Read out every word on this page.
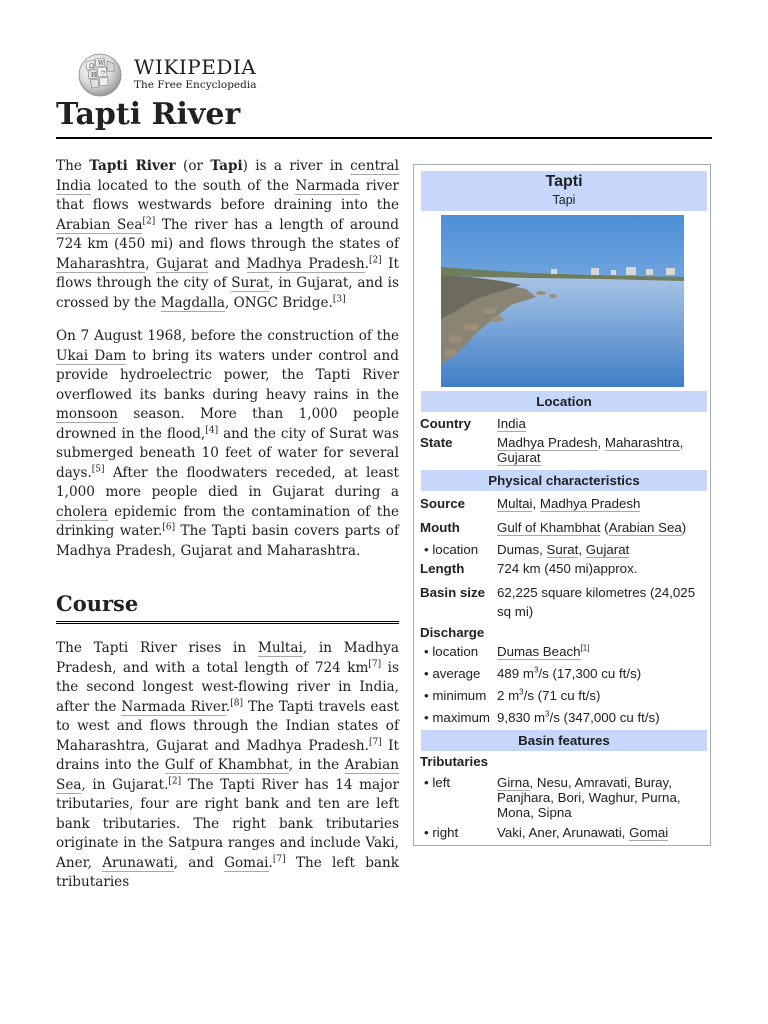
Ω W
И ウ WIKIPEDIA
The Free Encyclopedia
Tapti River

The Tapti River (or Tapi) is a river in central India located to the south of the Narmada river that flows westwards before draining into the Arabian Sea[2] The river has a length of around 724 km (450 mi) and flows through the states of Maharashtra, Gujarat and Madhya Pradesh.[2] It flows through the city of Surat, in Gujarat, and is crossed by the Magdalla, ONGC Bridge.[3]

On 7 August 1968, before the construction of the Ukai Dam to bring its waters under control and provide hydroelectric power, the Tapti River overflowed its banks during heavy rains in the monsoon season. More than 1,000 people drowned in the flood,[4] and the city of Surat was submerged beneath 10 feet of water for several days.[5] After the floodwaters receded, at least 1,000 more people died in Gujarat during a cholera epidemic from the contamination of the drinking water.[6] The Tapti basin covers parts of Madhya Pradesh, Gujarat and Maharashtra.

Course

The Tapti River rises in Multai, in Madhya Pradesh, and with a total length of 724 km[7] is the second longest west-flowing river in India, after the Narmada River.[8] The Tapti travels east to west and flows through the Indian states of Maharashtra, Gujarat and Madhya Pradesh.[7] It drains into the Gulf of Khambhat, in the Arabian Sea, in Gujarat.[2] The Tapti River has 14 major tributaries, four are right bank and ten are left bank tributaries. The right bank tributaries originate in the Satpura ranges and include Vaki, Aner, Arunawati, and Gomai.[7] The left bank tributaries

Tapti
Tapi
Location
Country	India
State	Madhya Pradesh, Maharashtra,
Gujarat
Physical characteristics
Source	Multai, Madhya Pradesh
Mouth	Gulf of Khambhat (Arabian Sea)
• location	Dumas, Surat, Gujarat
Length	724 km (450 mi)approx.
Basin size 62,225 square kilometres (24,025 sq mi)
Discharge
• location	Dumas Beach[1]
• average	489 $m^3/s$ (17,300 cu ft/s)
• minimum 2 $m^3/s$ (71 cu ft/s)
• maximum 9,830 $m^3/s$ (347,000 cu ft/s)
Basin features
Tributaries
• left	Girna, Nesu, Amravati, Buray, Panjhara, Bori, Waghur, Purna, Mona, Sipna
• right	Vaki, Aner, Arunawati, Gomai
